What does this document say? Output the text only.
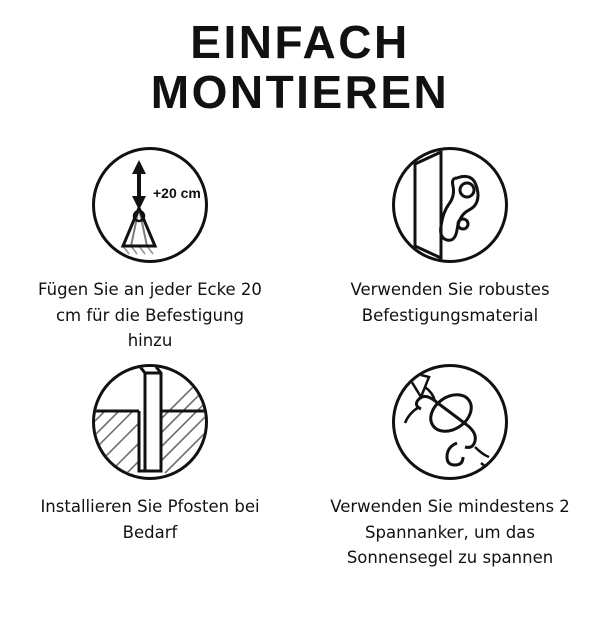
EINFACH
MONTIEREN
+20 cm
Fügen Sie an jeder Ecke 20 cm für die Befestigung hinzu
Verwenden Sie robustes Befestigungsmaterial
Installieren Sie Pfosten bei Bedarf
Verwenden Sie mindestens 2 Spannanker, um das Sonnensegel zu spannen
